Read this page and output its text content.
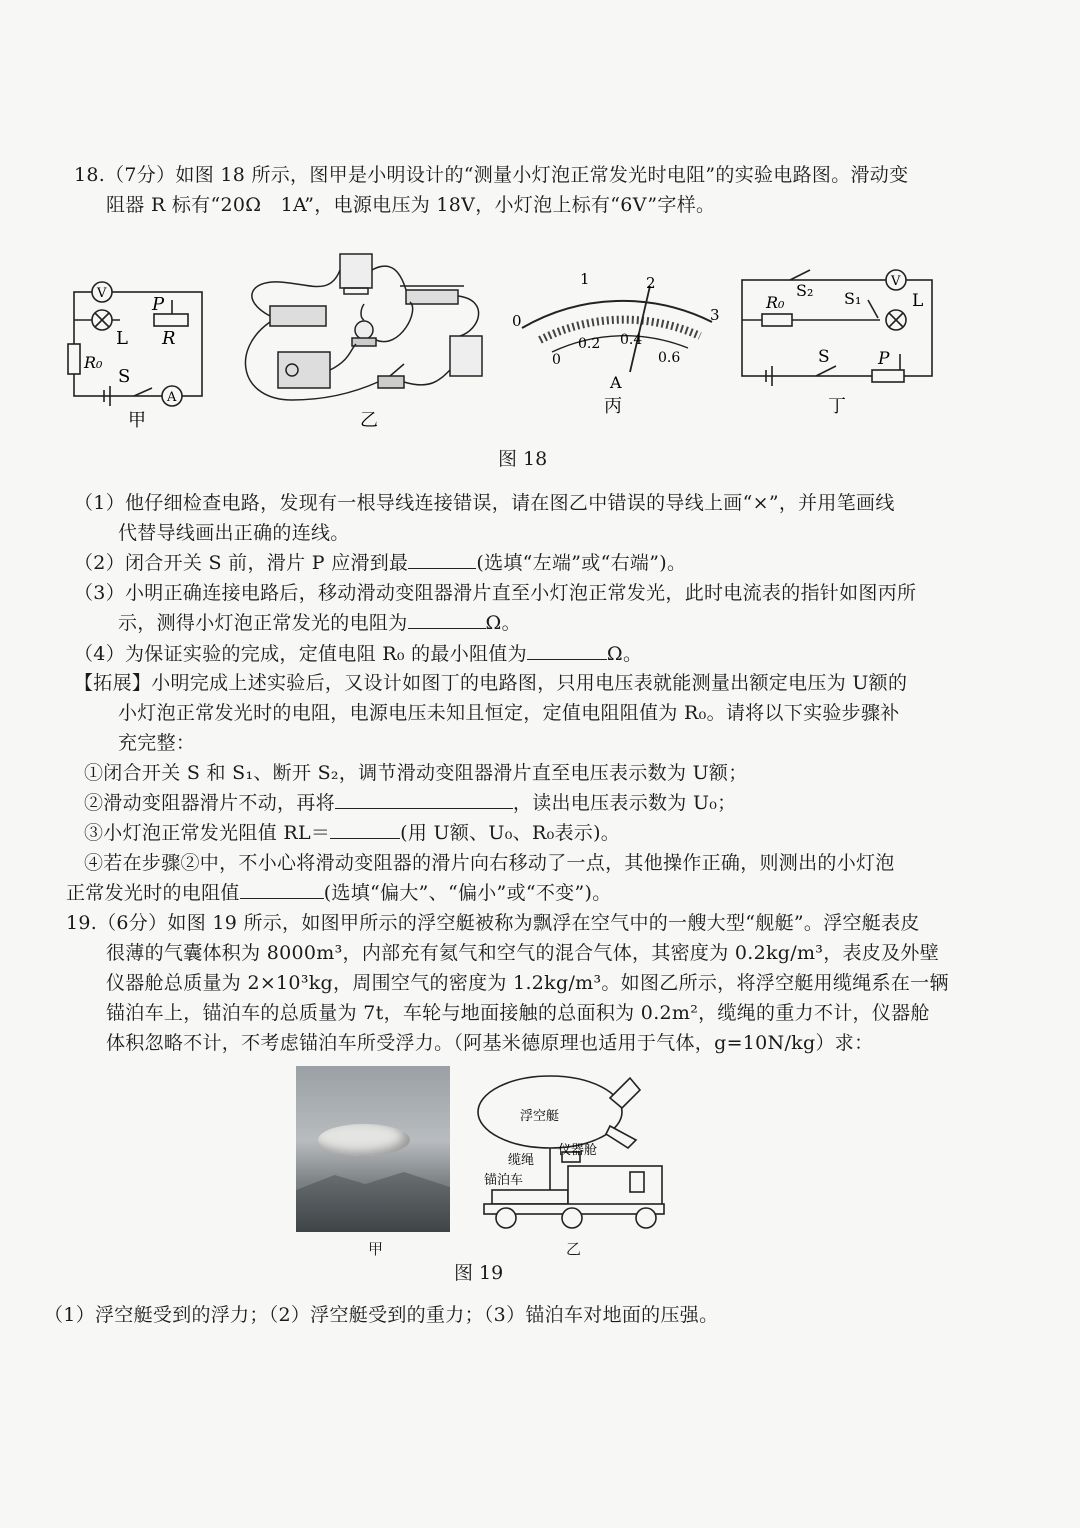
18.（7分）如图 18 所示，图甲是小明设计的“测量小灯泡正常发光时电阻”的实验电路图。滑动变
阻器 R 标有“20Ω　1A”，电源电压为 18V，小灯泡上标有“6V”字样。
V
A
L
P
R
R₀
S
甲	乙
0
1	2
3
0
0.2 0.4
0.6
A
丙
S₂ S₁
R₀
V
L
S	P
丁
图 18
（1）他仔细检查电路，发现有一根导线连接错误，请在图乙中错误的导线上画“×”，并用笔画线
代替导线画出正确的连线。
（2）闭合开关 S 前，滑片 P 应滑到最	(选填“左端”或“右端”)。
（3）小明正确连接电路后，移动滑动变阻器滑片直至小灯泡正常发光，此时电流表的指针如图丙所
示，测得小灯泡正常发光的电阻为	Ω。
（4）为保证实验的完成，定值电阻 R₀ 的最小阻值为	Ω。
【拓展】小明完成上述实验后，又设计如图丁的电路图，只用电压表就能测量出额定电压为 U额的
小灯泡正常发光时的电阻，电源电压未知且恒定，定值电阻阻值为 R₀。请将以下实验步骤补
充完整：
①闭合开关 S 和 S₁、断开 S₂，调节滑动变阻器滑片直至电压表示数为 U额；
②滑动变阻器滑片不动，再将	，读出电压表示数为 U₀；
③小灯泡正常发光阻值 RL＝	(用 U额、U₀、R₀表示)。
④若在步骤②中，不小心将滑动变阻器的滑片向右移动了一点，其他操作正确，则测出的小灯泡
正常发光时的电阻值	(选填“偏大”、“偏小”或“不变”)。
19.（6分）如图 19 所示，如图甲所示的浮空艇被称为飘浮在空气中的一艘大型“舰艇”。浮空艇表皮
很薄的气囊体积为 8000m³，内部充有氦气和空气的混合气体，其密度为 0.2kg/m³，表皮及外壁
仪器舱总质量为 2×10³kg，周围空气的密度为 1.2kg/m³。如图乙所示，将浮空艇用缆绳系在一辆
锚泊车上，锚泊车的总质量为 7t，车轮与地面接触的总面积为 0.2m²，缆绳的重力不计，仪器舱
体积忽略不计，不考虑锚泊车所受浮力。（阿基米德原理也适用于气体，g=10N/kg）求：
甲
浮空艇
仪器舱
缆绳
锚泊车
乙
图 19
（1）浮空艇受到的浮力；（2）浮空艇受到的重力；（3）锚泊车对地面的压强。
